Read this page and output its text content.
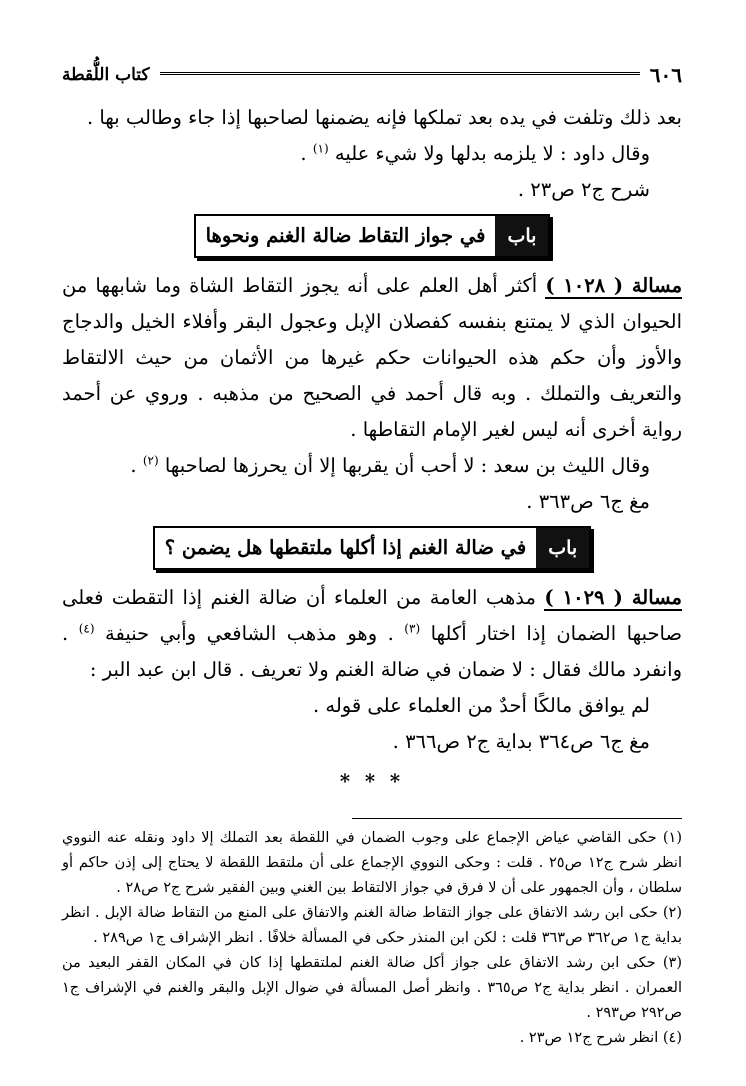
٦٠٦
كتاب اللُّقطة

بعد ذلك وتلفت في يده بعد تملكها فإنه يضمنها لصاحبها إذا جاء وطالب بها .

وقال داود : لا يلزمه بدلها ولا شيء عليه $^{(١)}$ .

شرح ج٢ ص٢٣ .

باب
في جواز التقاط ضالة الغنم ونحوها

مسالة ( ١٠٢٨ ) أكثر أهل العلم على أنه يجوز التقاط الشاة وما شابهها من الحيوان الذي لا يمتنع بنفسه كفصلان الإبل وعجول البقر وأفلاء الخيل والدجاج والأوز وأن حكم هذه الحيوانات حكم غيرها من الأثمان من حيث الالتقاط والتعريف والتملك . وبه قال أحمد في الصحيح من مذهبه . وروي عن أحمد رواية أخرى أنه ليس لغير الإمام التقاطها .

وقال الليث بن سعد : لا أحب أن يقربها إلا أن يحرزها لصاحبها $^{(٢)}$ .

مغ ج٦ ص٣٦٣ .

باب
في ضالة الغنم إذا أكلها ملتقطها هل يضمن ؟

مسالة ( ١٠٢٩ ) مذهب العامة من العلماء أن ضالة الغنم إذا التقطت فعلى صاحبها الضمان إذا اختار أكلها $^{(٣)}$ . وهو مذهب الشافعي وأبي حنيفة $^{(٤)}$ . وانفرد مالك فقال : لا ضمان في ضالة الغنم ولا تعريف . قال ابن عبد البر :

لم يوافق مالكًا أحدٌ من العلماء على قوله .

مغ ج٦ ص٣٦٤ بداية ج٢ ص٣٦٦ .

* * *

(١) حكى القاضي عياض الإجماع على وجوب الضمان في اللقطة بعد التملك إلا داود ونقله عنه النووي انظر شرح ج١٢ ص٢٥ . قلت : وحكى النووي الإجماع على أن ملتقط اللقطة لا يحتاج إلى إذن حاكم أو سلطان ، وأن الجمهور على أن لا فرق في جواز الالتقاط بين الغني وبين الفقير شرح ج٢ ص٢٨ .

(٢) حكى ابن رشد الاتفاق على جواز التقاط ضالة الغنم والاتفاق على المنع من التقاط ضالة الإبل . انظر بداية ج١ ص٣٦٢ ص٣٦٣ قلت : لكن ابن المنذر حكى في المسألة خلافًا . انظر الإشراف ج١ ص٢٨٩ .

(٣) حكى ابن رشد الاتفاق على جواز أكل ضالة الغنم لملتقطها إذا كان في المكان القفر البعيد من العمران . انظر بداية ج٢ ص٣٦٥ . وانظر أصل المسألة في ضوال الإبل والبقر والغنم في الإشراف ج١ ص٢٩٢ ص٢٩٣ .

(٤) انظر شرح ج١٢ ص٢٣ .
